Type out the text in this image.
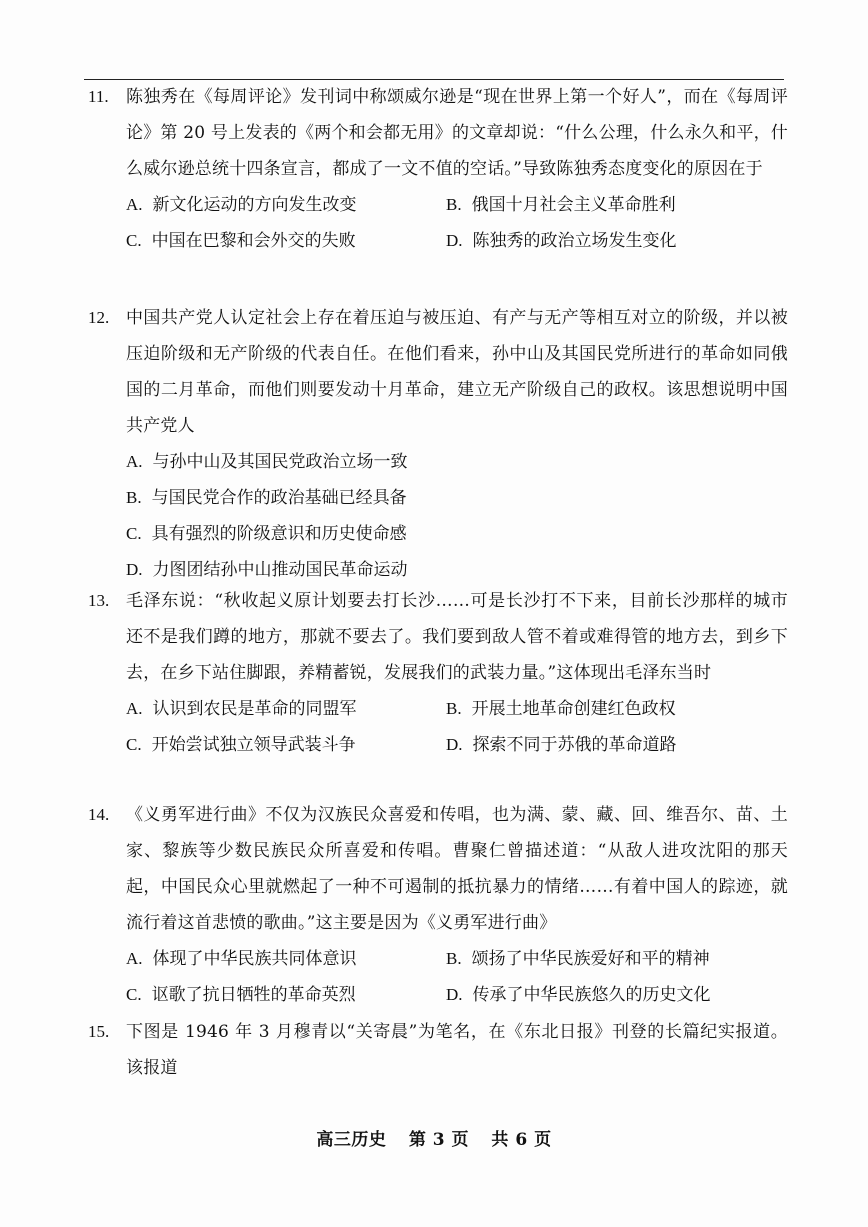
11. 陈独秀在《每周评论》发刊词中称颂威尔逊是“现在世界上第一个好人”，而在《每周评论》第 20 号上发表的《两个和会都无用》的文章却说：“什么公理，什么永久和平，什么威尔逊总统十四条宣言，都成了一文不值的空话。”导致陈独秀态度变化的原因在于
A. 新文化运动的方向发生改变	B. 俄国十月社会主义革命胜利
C. 中国在巴黎和会外交的失败	D. 陈独秀的政治立场发生变化
12. 中国共产党人认定社会上存在着压迫与被压迫、有产与无产等相互对立的阶级，并以被压迫阶级和无产阶级的代表自任。在他们看来，孙中山及其国民党所进行的革命如同俄国的二月革命，而他们则要发动十月革命，建立无产阶级自己的政权。该思想说明中国共产党人
A. 与孙中山及其国民党政治立场一致
B. 与国民党合作的政治基础已经具备
C. 具有强烈的阶级意识和历史使命感
D. 力图团结孙中山推动国民革命运动
13. 毛泽东说：“秋收起义原计划要去打长沙……可是长沙打不下来，目前长沙那样的城市还不是我们蹲的地方，那就不要去了。我们要到敌人管不着或难得管的地方去，到乡下去，在乡下站住脚跟，养精蓄锐，发展我们的武装力量。”这体现出毛泽东当时
A. 认识到农民是革命的同盟军	B. 开展土地革命创建红色政权
C. 开始尝试独立领导武装斗争	D. 探索不同于苏俄的革命道路
14. 《义勇军进行曲》不仅为汉族民众喜爱和传唱，也为满、蒙、藏、回、维吾尔、苗、土家、黎族等少数民族民众所喜爱和传唱。曹聚仁曾描述道：“从敌人进攻沈阳的那天起，中国民众心里就燃起了一种不可遏制的抵抗暴力的情绪……有着中国人的踪迹，就流行着这首悲愤的歌曲。”这主要是因为《义勇军进行曲》
A. 体现了中华民族共同体意识	B. 颂扬了中华民族爱好和平的精神
C. 讴歌了抗日牺牲的革命英烈	D. 传承了中华民族悠久的历史文化
15. 下图是 1946 年 3 月穆青以“关寄晨”为笔名，在《东北日报》刊登的长篇纪实报道。该报道
高三历史 第 3 页 共 6 页
